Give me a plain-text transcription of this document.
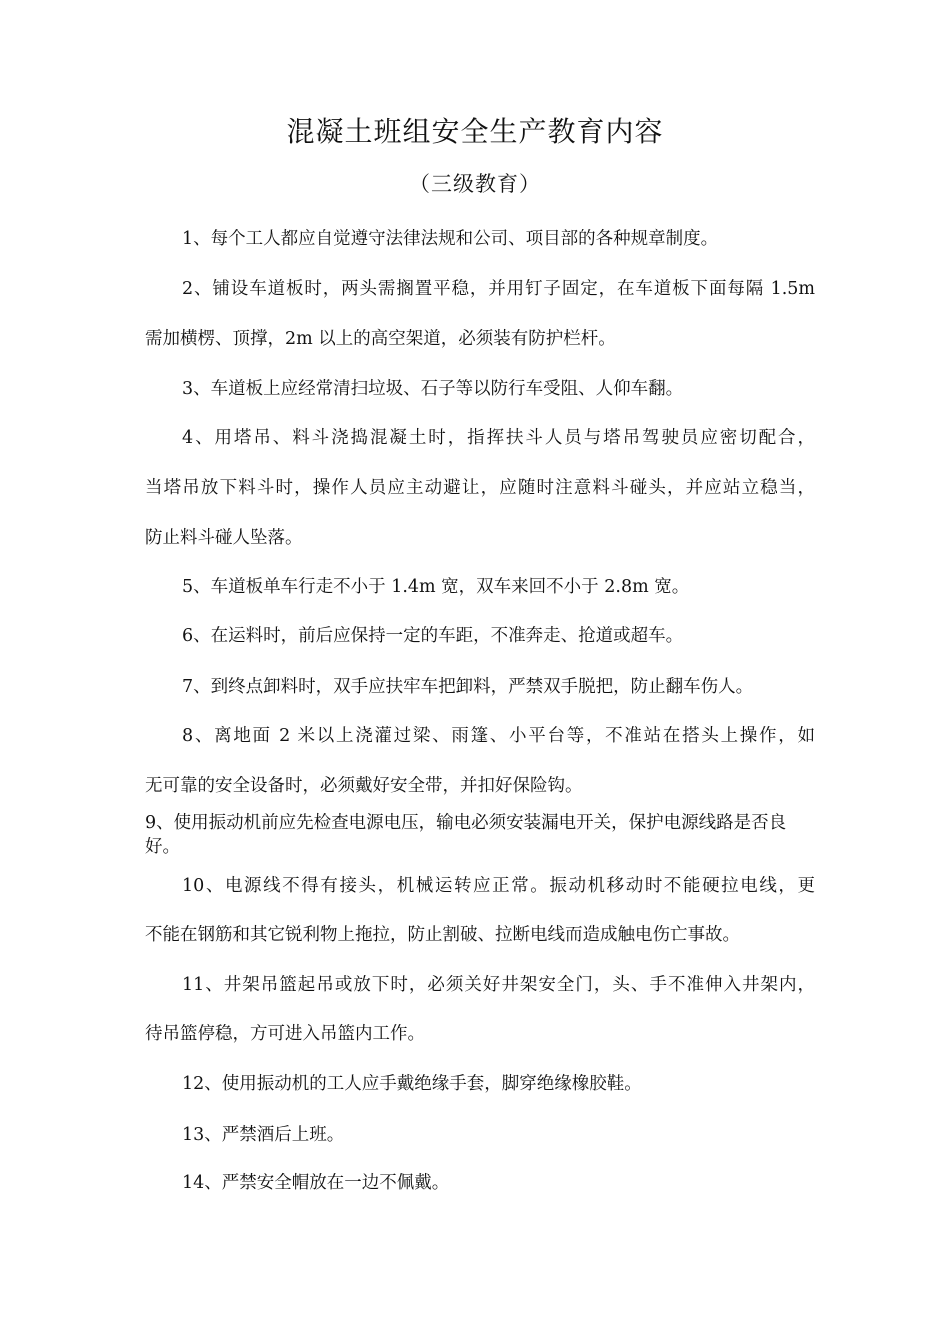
混凝土班组安全生产教育内容
（三级教育）
1、每个工人都应自觉遵守法律法规和公司、项目部的各种规章制度。
2、铺设车道板时，两头需搁置平稳，并用钉子固定，在车道板下面每隔 1.5m
需加横楞、顶撑，2m 以上的高空架道，必须装有防护栏杆。
3、车道板上应经常清扫垃圾、石子等以防行车受阻、人仰车翻。
4、用塔吊、料斗浇捣混凝土时，指挥扶斗人员与塔吊驾驶员应密切配合，
当塔吊放下料斗时，操作人员应主动避让，应随时注意料斗碰头，并应站立稳当，
防止料斗碰人坠落。
5、车道板单车行走不小于 1.4m 宽，双车来回不小于 2.8m 宽。
6、在运料时，前后应保持一定的车距，不准奔走、抢道或超车。
7、到终点卸料时，双手应扶牢车把卸料，严禁双手脱把，防止翻车伤人。
8、离地面 2 米以上浇灌过梁、雨篷、小平台等，不准站在搭头上操作，如
无可靠的安全设备时，必须戴好安全带，并扣好保险钩。
9、使用振动机前应先检查电源电压，输电必须安装漏电开关，保护电源线路是否良好。
10、电源线不得有接头，机械运转应正常。振动机移动时不能硬拉电线，更
不能在钢筋和其它锐利物上拖拉，防止割破、拉断电线而造成触电伤亡事故。
11、井架吊篮起吊或放下时，必须关好井架安全门，头、手不准伸入井架内，
待吊篮停稳，方可进入吊篮内工作。
12、使用振动机的工人应手戴绝缘手套，脚穿绝缘橡胶鞋。
13、严禁酒后上班。
14、严禁安全帽放在一边不佩戴。
